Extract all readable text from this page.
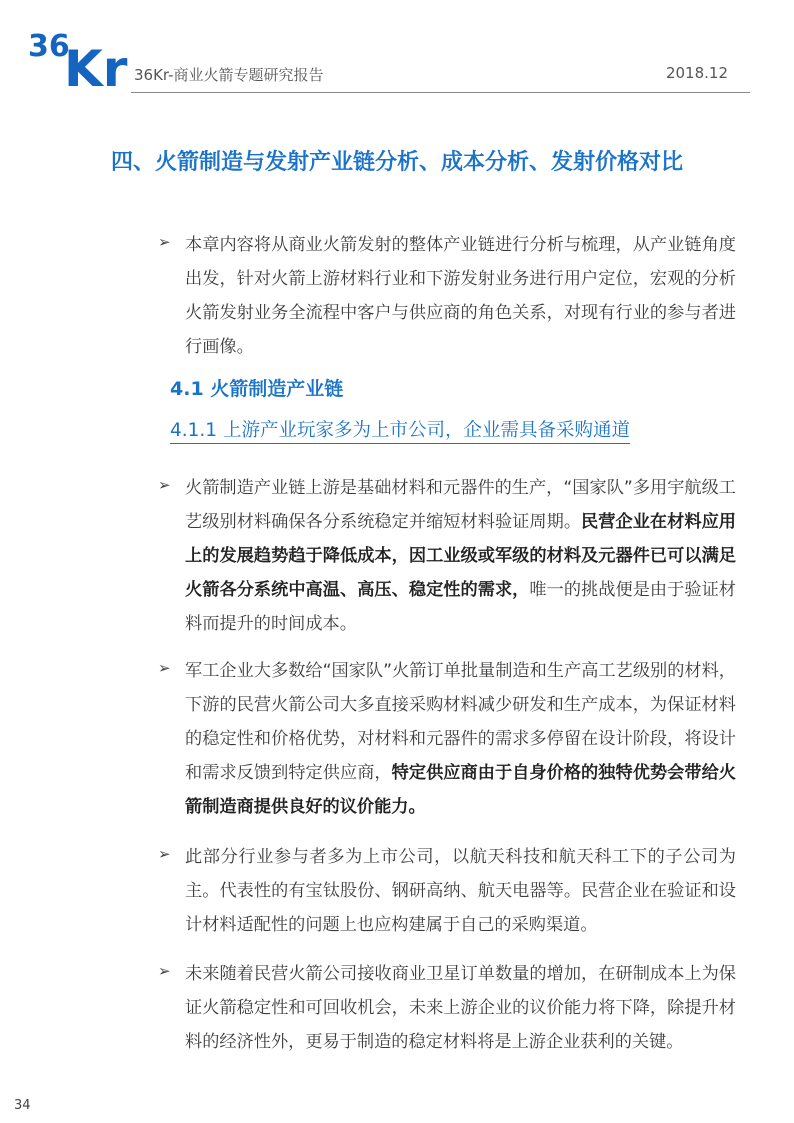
36
Kr 36Kr-商业火箭专题研究报告	2018.12
四、火箭制造与发射产业链分析、成本分析、发射价格对比
➢ 本章内容将从商业火箭发射的整体产业链进行分析与梳理，从产业链角度出发，针对火箭上游材料行业和下游发射业务进行用户定位，宏观的分析火箭发射业务全流程中客户与供应商的角色关系，对现有行业的参与者进行画像。
4.1 火箭制造产业链
4.1.1 上游产业玩家多为上市公司，企业需具备采购通道
➢ 火箭制造产业链上游是基础材料和元器件的生产，“国家队”多用宇航级工艺级别材料确保各分系统稳定并缩短材料验证周期。民营企业在材料应用上的发展趋势趋于降低成本，因工业级或军级的材料及元器件已可以满足火箭各分系统中高温、高压、稳定性的需求，唯一的挑战便是由于验证材料而提升的时间成本。
➢ 军工企业大多数给“国家队”火箭订单批量制造和生产高工艺级别的材料，下游的民营火箭公司大多直接采购材料减少研发和生产成本，为保证材料的稳定性和价格优势，对材料和元器件的需求多停留在设计阶段，将设计和需求反馈到特定供应商，特定供应商由于自身价格的独特优势会带给火箭制造商提供良好的议价能力。
➢ 此部分行业参与者多为上市公司，以航天科技和航天科工下的子公司为主。代表性的有宝钛股份、钢研高纳、航天电器等。民营企业在验证和设计材料适配性的问题上也应构建属于自己的采购渠道。
➢ 未来随着民营火箭公司接收商业卫星订单数量的增加，在研制成本上为保证火箭稳定性和可回收机会，未来上游企业的议价能力将下降，除提升材料的经济性外，更易于制造的稳定材料将是上游企业获利的关键。
34
